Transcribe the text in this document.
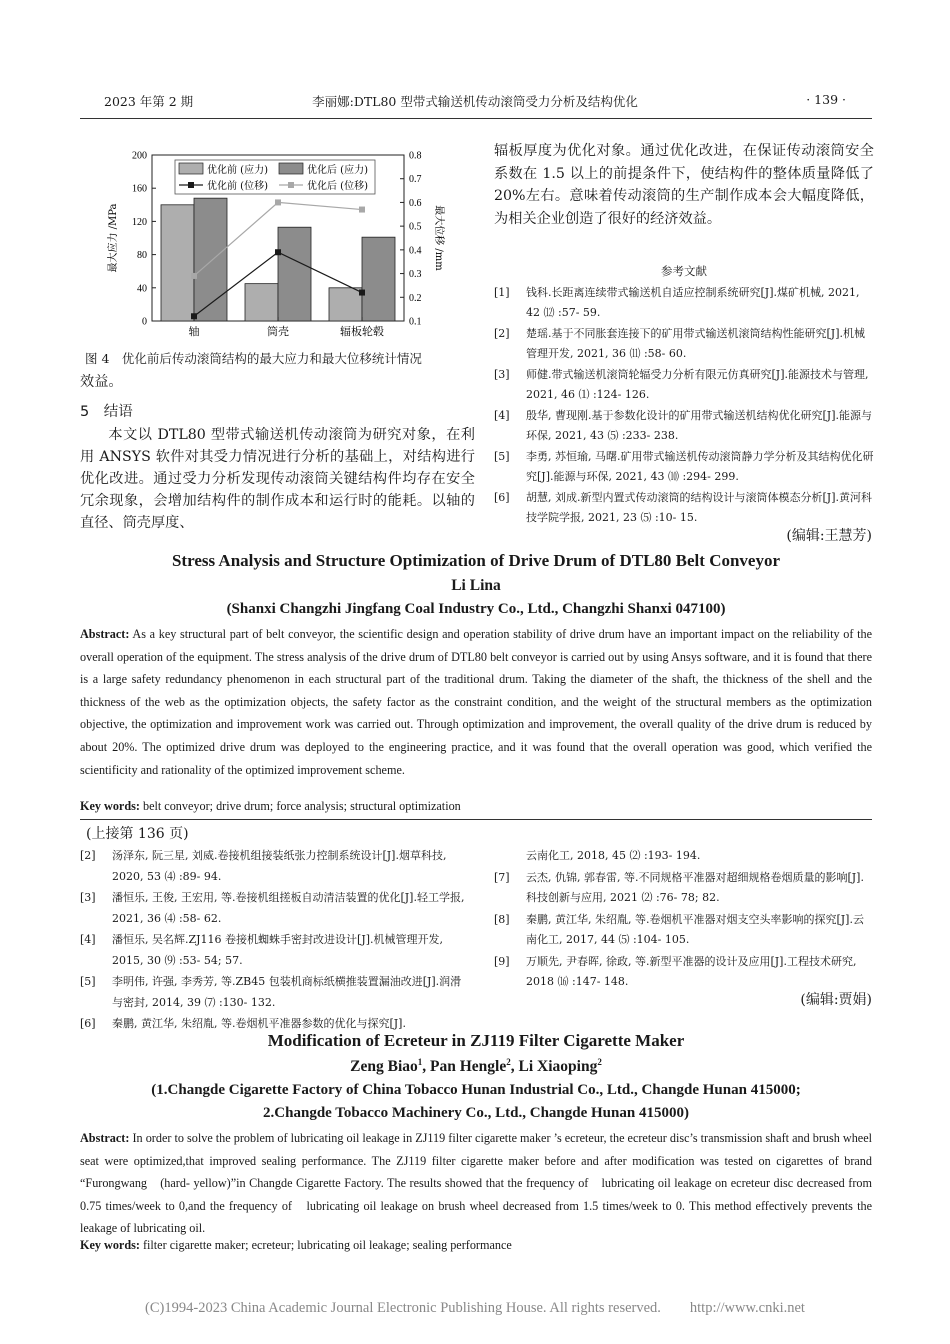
2023 年第 2 期	李丽娜:DTL80 型带式输送机传动滚筒受力分析及结构优化	· 139 ·
0
40
80
120
160
200
0.1
0.2
0.3
0.4
0.5
0.6
0.7
0.8
最大应力 /MPa	最大位移 /mm
轴	筒壳	辐板轮毂
优化前 (应力)	优化后 (应力)
优化前 (位移)	优化后 (位移)
图 4　优化前后传动滚筒结构的最大应力和最大位移统计情况
效益。
5　结语
本文以 DTL80 型带式输送机传动滚筒为研究对象，在利用 ANSYS 软件对其受力情况进行分析的基础上，对结构进行优化改进。通过受力分析发现传动滚筒关键结构件均存在安全冗余现象，会增加结构件的制作成本和运行时的能耗。以轴的直径、筒壳厚度、
辐板厚度为优化对象。通过优化改进，在保证传动滚筒安全系数在 1.5 以上的前提条件下，使结构件的整体质量降低了 20%左右。意味着传动滚筒的生产制作成本会大幅度降低，为相关企业创造了很好的经济效益。
参考文献
[1] 钱科.长距离连续带式输送机自适应控制系统研究[J].煤矿机械, 2021, 42 ⑿ :57- 59.
[2] 楚瑶.基于不同胀套连接下的矿用带式输送机滚筒结构性能研究[J].机械管理开发, 2021, 36 ⑾ :58- 60.
[3] 师健.带式输送机滚筒轮辐受力分析有限元仿真研究[J].能源技术与管理, 2021, 46 ⑴ :124- 126.
[4] 殷华, 曹现刚.基于参数化设计的矿用带式输送机结构优化研究[J].能源与环保, 2021, 43 ⑸ :233- 238.
[5] 李勇, 苏恒瑜, 马曙.矿用带式输送机传动滚筒静力学分析及其结构优化研究[J].能源与环保, 2021, 43 ⑽ :294- 299.
[6] 胡慧, 刘成.新型内置式传动滚筒的结构设计与滚筒体模态分析[J].黄河科技学院学报, 2021, 23 ⑸ :10- 15.
(编辑:王慧芳)
Stress Analysis and Structure Optimization of Drive Drum of DTL80 Belt Conveyor
Li Lina
(Shanxi Changzhi Jingfang Coal Industry Co., Ltd., Changzhi Shanxi 047100)
Abstract: As a key structural part of belt conveyor, the scientific design and operation stability of drive drum have an important impact on the reliability of the overall operation of the equipment. The stress analysis of the drive drum of DTL80 belt conveyor is carried out by using Ansys software, and it is found that there is a large safety redundancy phenomenon in each structural part of the traditional drum. Taking the diameter of the shaft, the thickness of the shell and the thickness of the web as the optimization objects, the safety factor as the constraint condition, and the weight of the structural members as the optimization objective, the optimization and improvement work was carried out. Through optimization and improvement, the overall quality of the drive drum is reduced by about 20%. The optimized drive drum was deployed to the engineering practice, and it was found that the overall operation was good, which verified the scientificity and rationality of the optimized improvement scheme.
Key words: belt conveyor; drive drum; force analysis; structural optimization
(上接第 136 页)
[2] 汤泽东, 阮三星, 刘威.卷接机组接装纸张力控制系统设计[J].烟草科技, 2020, 53 ⑷ :89- 94.
[3] 潘恒乐, 王俊, 王宏用, 等.卷接机组搓板自动清洁装置的优化[J].轻工学报, 2021, 36 ⑷ :58- 62.
[4] 潘恒乐, 吴名辉.ZJ116 卷接机蜘蛛手密封改进设计[J].机械管理开发, 2015, 30 ⑼ :53- 54; 57.
[5] 李明伟, 许强, 李秀芳, 等.ZB45 包装机商标纸横推装置漏油改进[J].润滑与密封, 2014, 39 ⑺ :130- 132.
[6] 秦鹏, 黄江华, 朱绍胤, 等.卷烟机平准器参数的优化与探究[J].
云南化工, 2018, 45 ⑵ :193- 194.
[7] 云杰, 仇锦, 郭春雷, 等.不同规格平准器对超细规格卷烟质量的影响[J].科技创新与应用, 2021 ⑵ :76- 78; 82.
[8] 秦鹏, 黄江华, 朱绍胤, 等.卷烟机平准器对烟支空头率影响的探究[J].云南化工, 2017, 44 ⑸ :104- 105.
[9] 万顺先, 尹春晖, 徐政, 等.新型平准器的设计及应用[J].工程技术研究, 2018 ⒃ :147- 148.
(编辑:贾娟)
Modification of Ecreteur in ZJ119 Filter Cigarette Maker
Zeng Biao$^1$, Pan Hengle$^2$, Li Xiaoping$^2$
(1.Changde Cigarette Factory of China Tobacco Hunan Industrial Co., Ltd., Changde Hunan 415000;
2.Changde Tobacco Machinery Co., Ltd., Changde Hunan 415000)
Abstract: In order to solve the problem of lubricating oil leakage in ZJ119 filter cigarette maker ’s ecreteur, the ecreteur disc’s transmission shaft and brush wheel seat were optimized,that improved sealing performance. The ZJ119 filter cigarette maker before and after modification was tested on cigarettes of brand “Furongwang　(hard- yellow)”in Changde Cigarette Factory. The results showed that the frequency of　lubricating oil leakage on ecreteur disc decreased from 0.75 times/week to 0,and the frequency of　lubricating oil leakage on brush wheel decreased from 1.5 times/week to 0. This method effectively prevents the leakage of lubricating oil.
Key words: filter cigarette maker; ecreteur; lubricating oil leakage; sealing performance
(C)1994-2023 China Academic Journal Electronic Publishing House. All rights reserved.　　http://www.cnki.net
